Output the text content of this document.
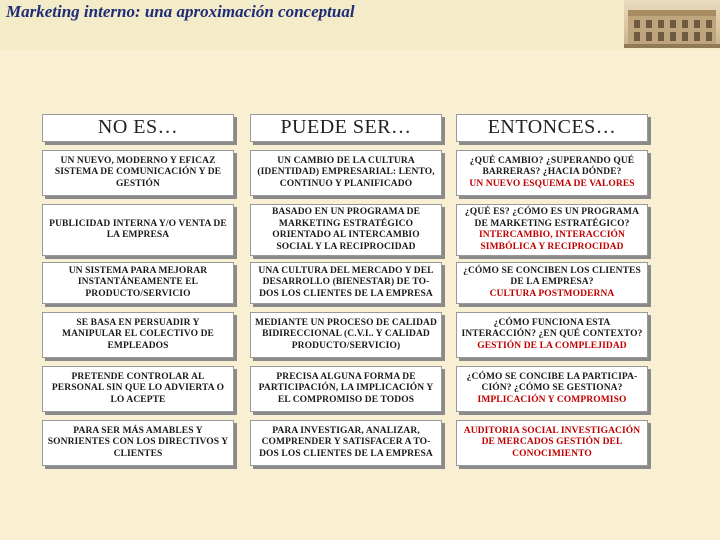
Marketing interno: una aproximación conceptual
NO ES…	PUEDE SER…	ENTONCES…
UN NUEVO, MODERNO Y EFICAZ SISTEMA DE COMUNICACIÓN Y DE GESTIÓN
UN CAMBIO DE LA CULTURA (IDENTIDAD) EMPRESARIAL: LENTO, CONTINUO Y PLANIFICADO
¿QUÉ CAMBIO? ¿SUPERANDO QUÉ BARRERAS? ¿HACIA DÓNDE?
UN NUEVO ESQUEMA DE VALORES
PUBLICIDAD INTERNA Y/O VENTA DE LA EMPRESA
BASADO EN UN PROGRAMA DE MARKETING ESTRATÉGICO ORIENTADO AL INTERCAMBIO SOCIAL Y LA RECIPROCIDAD
¿QUÉ ES? ¿CÓMO ES UN PROGRAMA DE MARKETING ESTRATÉGICO?
INTERCAMBIO, INTERACCIÓN SIMBÓLICA Y RECIPROCIDAD
UN SISTEMA PARA MEJORAR INSTANTÁNEAMENTE EL PRODUCTO/SERVICIO
UNA CULTURA DEL MERCADO Y DEL DESARROLLO (BIENESTAR) DE TO-DOS LOS CLIENTES DE LA EMPRESA
¿CÓMO SE CONCIBEN LOS CLIENTES DE LA EMPRESA?
CULTURA POSTMODERNA
SE BASA EN PERSUADIR Y MANIPULAR EL COLECTIVO DE EMPLEADOS
MEDIANTE UN PROCESO DE CALIDAD BIDIRECCIONAL (C.V.I.. Y CALIDAD PRODUCTO/SERVICIO)
¿CÓMO FUNCIONA ESTA INTERACCIÓN? ¿EN QUÉ CONTEXTO?
GESTIÓN DE LA COMPLEJIDAD
PRETENDE CONTROLAR AL PERSONAL SIN QUE LO ADVIERTA O LO ACEPTE
PRECISA ALGUNA FORMA DE PARTICIPACIÓN, LA IMPLICACIÓN Y EL COMPROMISO DE TODOS
¿CÓMO SE CONCIBE LA PARTICIPA-CIÓN? ¿CÓMO SE GESTIONA?
IMPLICACIÓN Y COMPROMISO
PARA SER MÁS AMABLES Y SONRIENTES CON LOS DIRECTIVOS Y CLIENTES
PARA INVESTIGAR, ANALIZAR, COMPRENDER Y SATISFACER A TO-DOS LOS CLIENTES DE LA EMPRESA
AUDITORIA SOCIAL INVESTIGACIÓN DE MERCADOS GESTIÓN DEL CONOCIMIENTO
